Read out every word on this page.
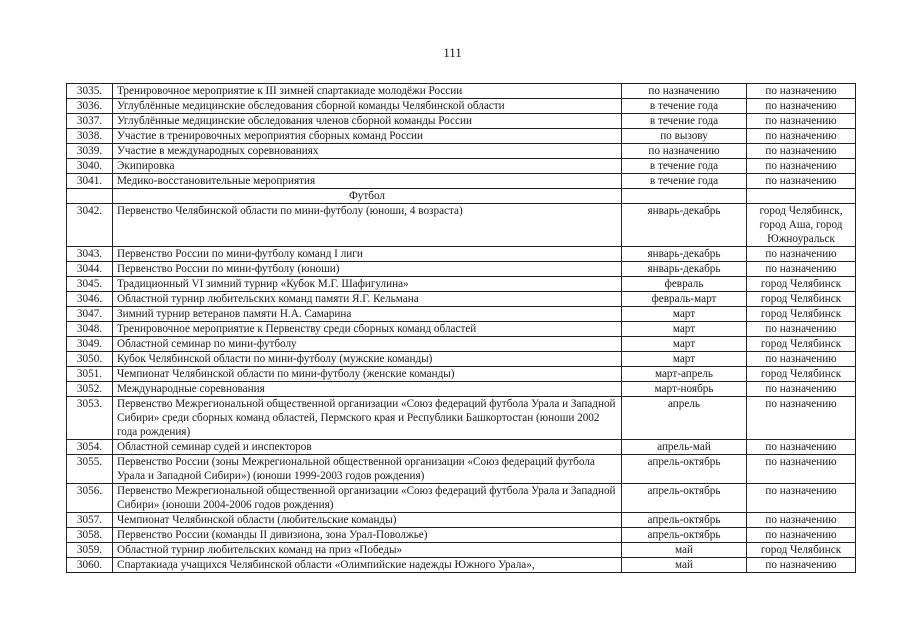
111
3035.	Тренировочное мероприятие к III зимней спартакиаде молодёжи России	по назначению	по назначению
3036.	Углублённые медицинские обследования сборной команды Челябинской области	в течение года	по назначению
3037.	Углублённые медицинские обследования членов сборной команды России	в течение года	по назначению
3038.	Участие в тренировочных мероприятия сборных команд России	по вызову	по назначению
3039.	Участие в международных соревнованиях	по назначению	по назначению
3040.	Экипировка	в течение года	по назначению
3041.	Медико-восстановительные мероприятия	в течение года	по назначению
	Футбол		
3042.	Первенство Челябинской области по мини-футболу (юноши, 4 возраста)	январь-декабрь	город Челябинск, город Аша, город Южноуральск
3043.	Первенство России по мини-футболу команд I лиги	январь-декабрь	по назначению
3044.	Первенство России по мини-футболу (юноши)	январь-декабрь	по назначению
3045.	Традиционный VI зимний турнир «Кубок М.Г. Шафигулина»	февраль	город Челябинск
3046.	Областной турнир любительских команд памяти Я.Г. Кельмана	февраль-март	город Челябинск
3047.	Зимний турнир ветеранов памяти Н.А. Самарина	март	город Челябинск
3048.	Тренировочное мероприятие к Первенству среди сборных команд областей	март	по назначению
3049.	Областной семинар по мини-футболу	март	город Челябинск
3050.	Кубок Челябинской области по мини-футболу (мужские команды)	март	по назначению
3051.	Чемпионат Челябинской области по мини-футболу (женские команды)	март-апрель	город Челябинск
3052.	Международные соревнования	март-ноябрь	по назначению
3053.	Первенство Межрегиональной общественной организации «Союз федераций футбола Урала и Западной Сибири» среди сборных команд областей, Пермского края и Республики Башкортостан (юноши 2002 года рождения)	апрель	по назначению
3054.	Областной семинар судей и инспекторов	апрель-май	по назначению
3055.	Первенство России (зоны Межрегиональной общественной организации «Союз федераций футбола Урала и Западной Сибири») (юноши 1999-2003 годов рождения)	апрель-октябрь	по назначению
3056.	Первенство Межрегиональной общественной организации «Союз федераций футбола Урала и Западной Сибири» (юноши 2004-2006 годов рождения)	апрель-октябрь	по назначению
3057.	Чемпионат Челябинской области (любительские команды)	апрель-октябрь	по назначению
3058.	Первенство России (команды II дивизиона, зона Урал-Поволжье)	апрель-октябрь	по назначению
3059.	Областной турнир любительских команд на приз «Победы»	май	город Челябинск
3060.	Спартакиада учащихся Челябинской области «Олимпийские надежды Южного Урала»,	май	по назначению
